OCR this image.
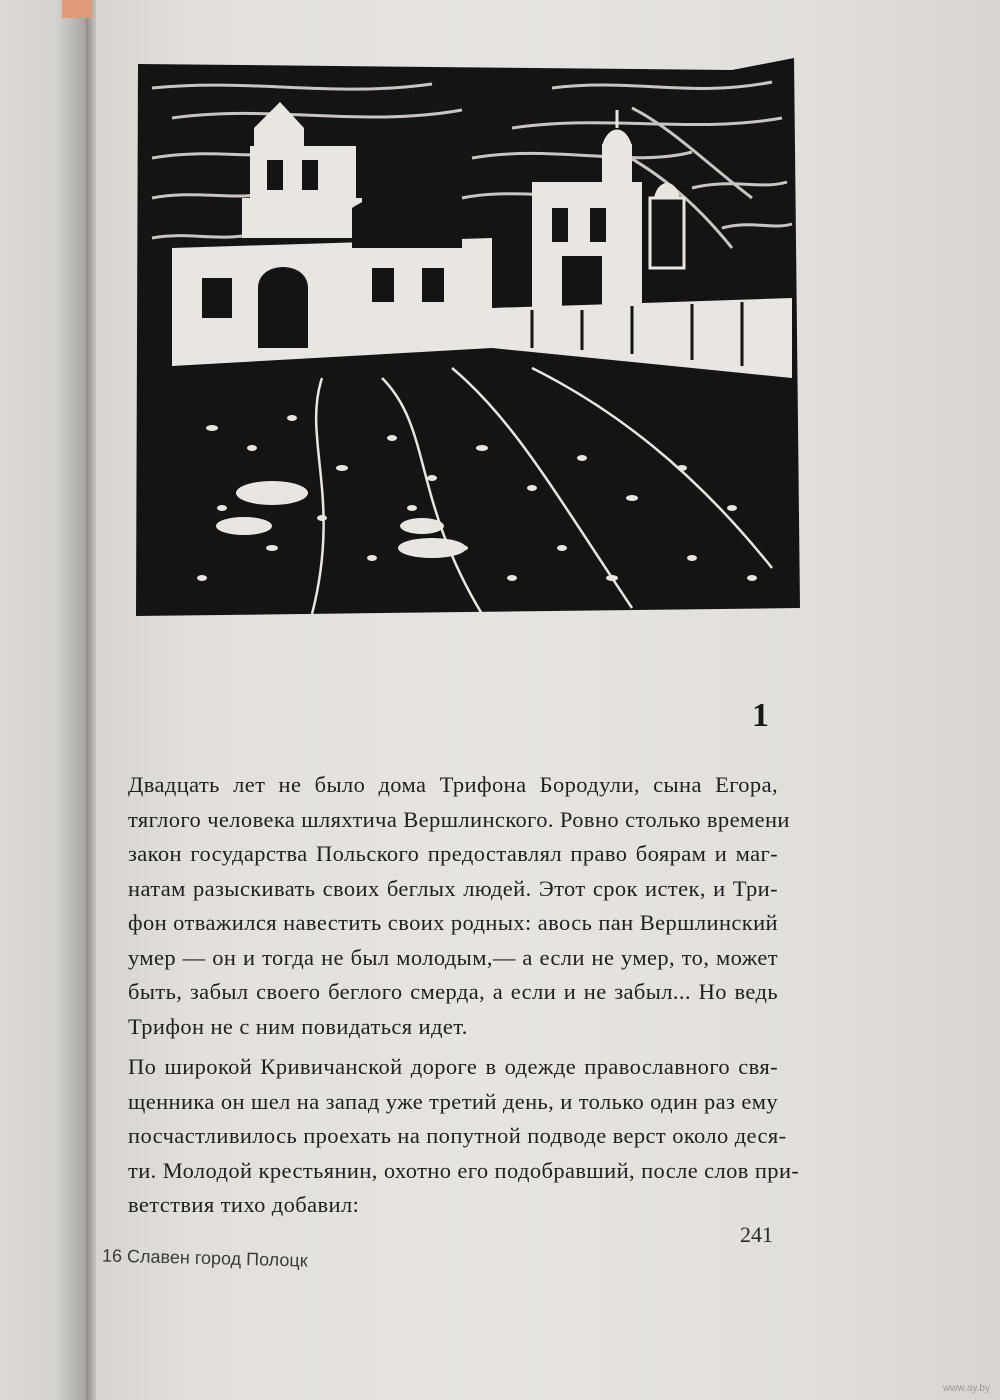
1
Двадцать лет не было дома Трифона Бородули, сына Егора,
тяглого человека шляхтича Вершлинского. Ровно столько времени
закон государства Польского предоставлял право боярам и маг-
натам разыскивать своих беглых людей. Этот срок истек, и Три-
фон отважился навестить своих родных: авось пан Вершлинский
умер — он и тогда не был молодым,— а если не умер, то, может
быть, забыл своего беглого смерда, а если и не забыл... Но ведь
Трифон не с ним повидаться идет.
По широкой Кривичанской дороге в одежде православного свя-
щенника он шел на запад уже третий день, и только один раз ему
посчастливилось проехать на попутной подводе верст около деся-
ти. Молодой крестьянин, охотно его подобравший, после слов при-
ветствия тихо добавил:
16 Славен город Полоцк
241
www.ay.by
